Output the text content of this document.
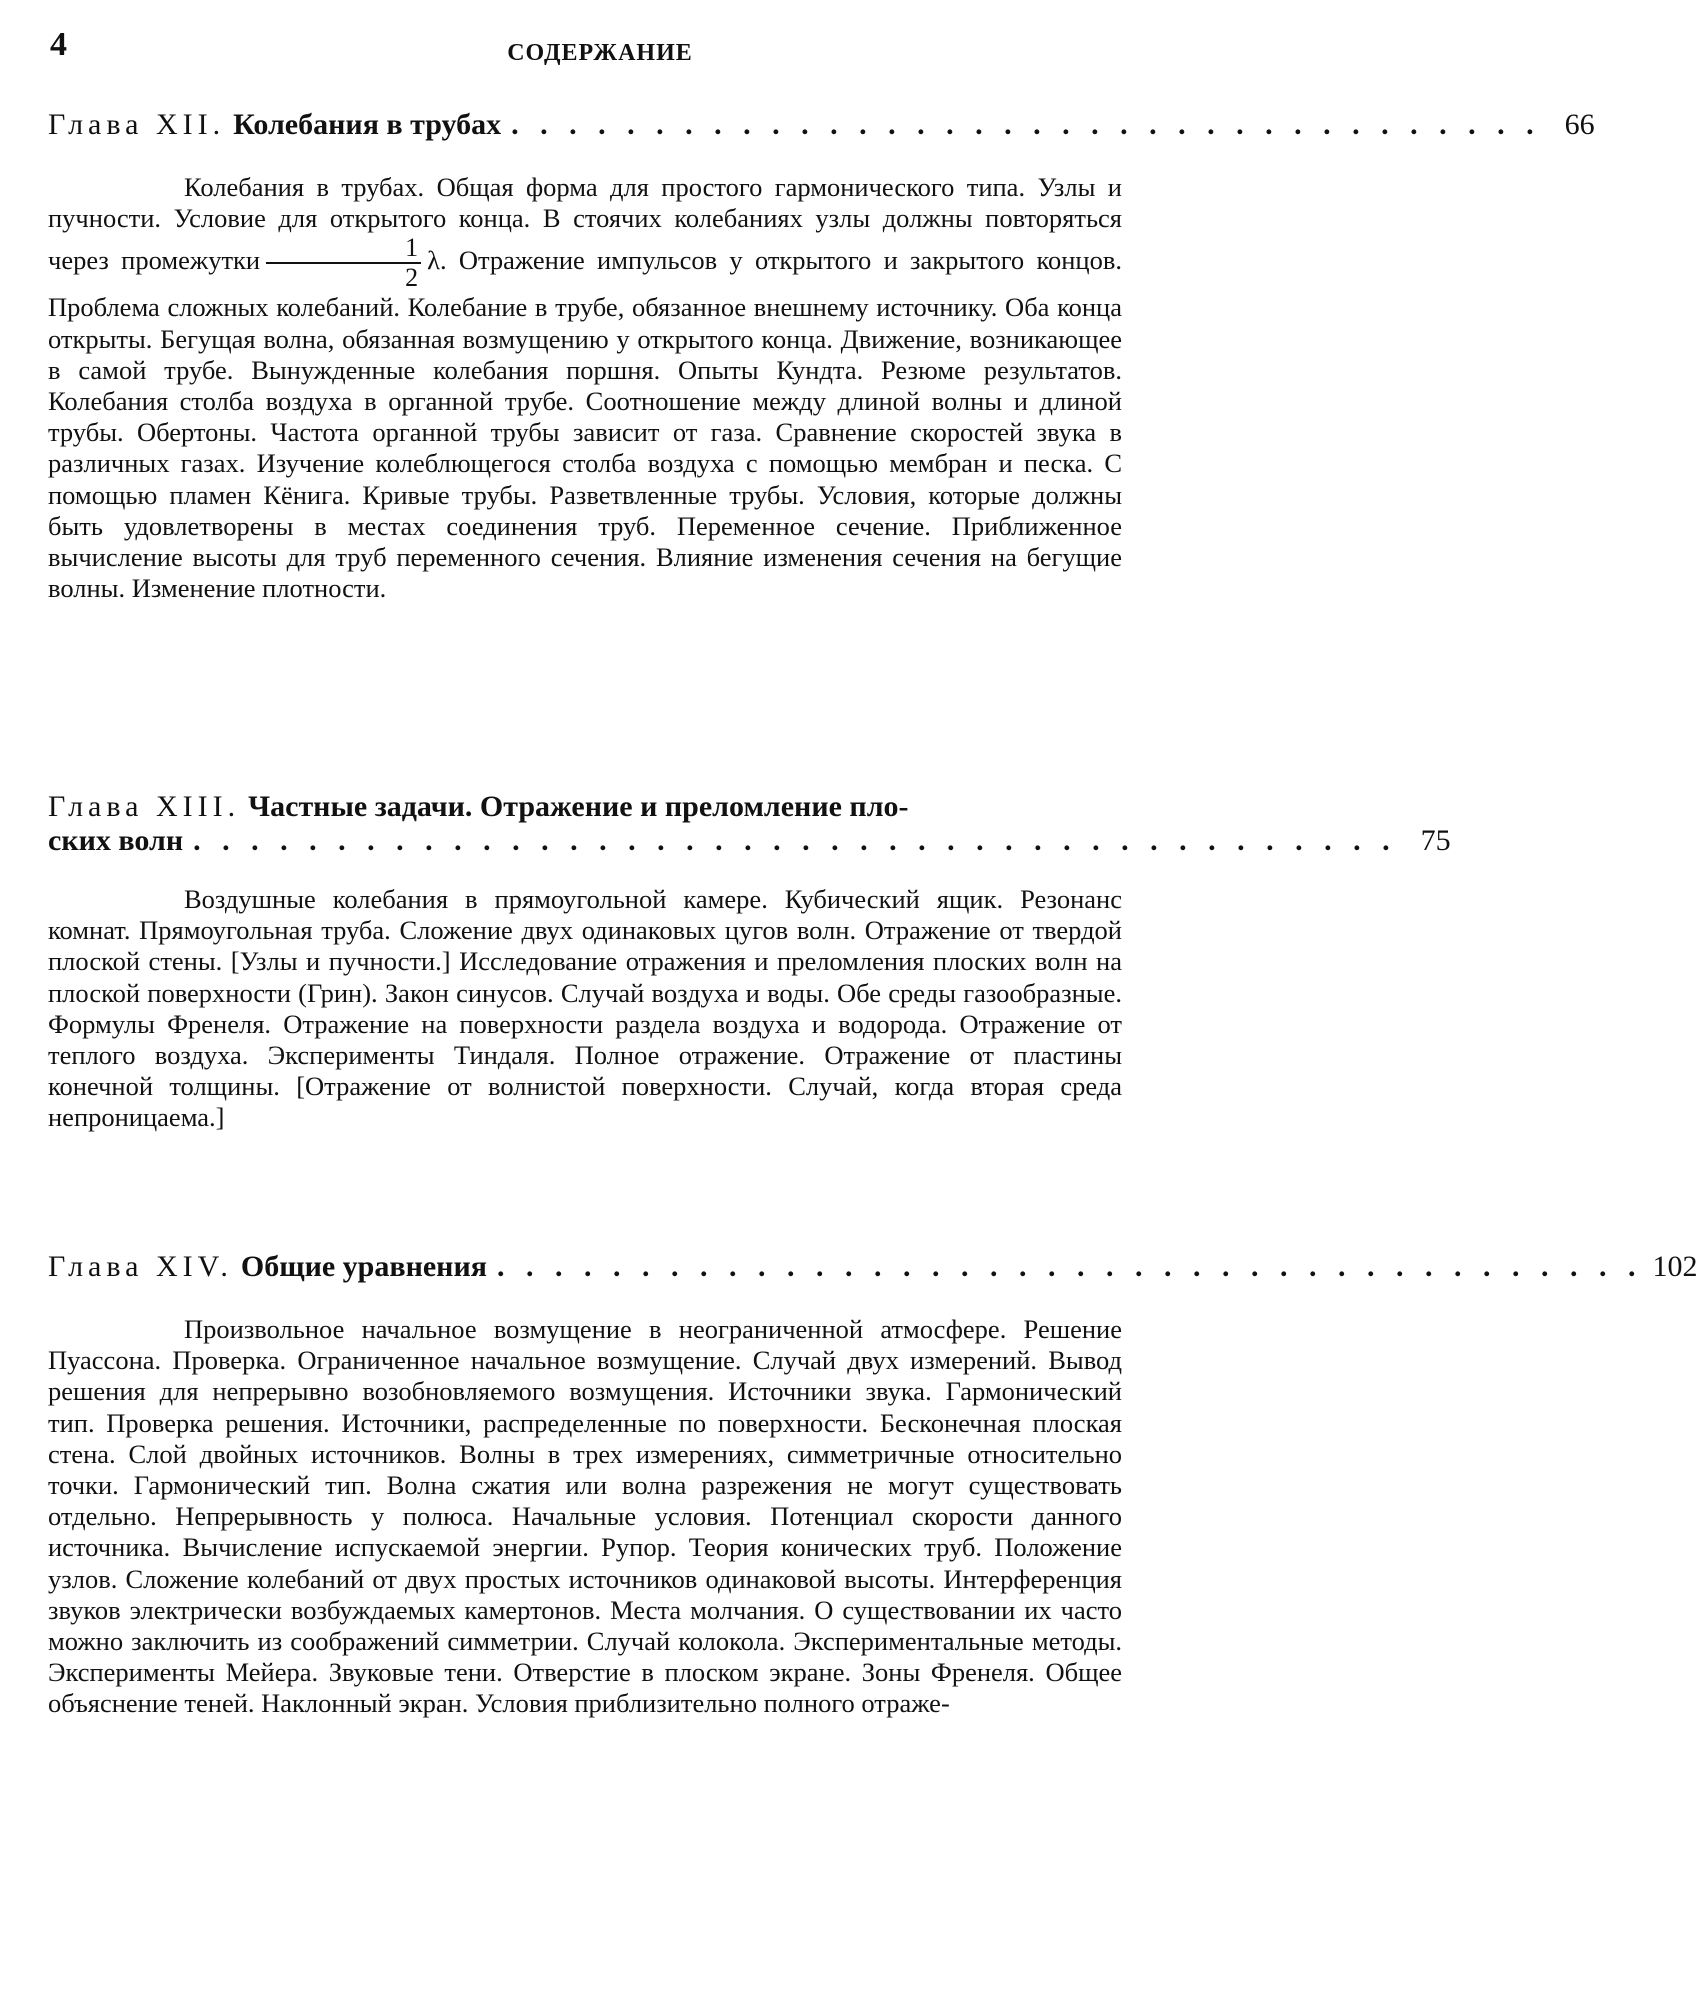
4	СОДЕРЖАНИЕ
Глава XII. Колебания в трубах . . . . . . . . . . . . . . . . . . . . . . . . . . . . . . . . . . . . 66

Колебания в трубах. Общая форма для простого гармонического типа. Узлы и пучности. Условие для открытого конца. В стоячих колебаниях узлы должны повторяться через промежутки $\frac{1}{2} \lambda$. Отражение импульсов у открытого и закрытого концов. Проблема сложных колебаний. Колебание в трубе, обязанное внешнему источнику. Оба конца открыты. Бегущая волна, обязанная возмущению у открытого конца. Движение, возникающее в самой трубе. Вынужденные колебания поршня. Опыты Кундта. Резюме результатов. Колебания столба воздуха в органной трубе. Соотношение между длиной волны и длиной трубы. Обертоны. Частота органной трубы зависит от газа. Сравнение скоростей звука в различных газах. Изучение колеблющегося столба воздуха с помощью мембран и песка. С помощью пламен Кёнига. Кривые трубы. Разветвленные трубы. Условия, которые должны быть удовлетворены в местах соединения труб. Переменное сечение. Приближенное вычисление высоты для труб переменного сечения. Влияние изменения сечения на бегущие волны. Изменение плотности.

Глава XIII. Частные задачи. Отражение и преломление пло-
ских волн . . . . . . . . . . . . . . . . . . . . . . . . . . . . . . . . . . . . . . . . . . 75

Воздушные колебания в прямоугольной камере. Кубический ящик. Резонанс комнат. Прямоугольная труба. Сложение двух одинаковых цугов волн. Отражение от твердой плоской стены. [Узлы и пучности.] Исследование отражения и преломления плоских волн на плоской поверхности (Грин). Закон синусов. Случай воздуха и воды. Обе среды газообразные. Формулы Френеля. Отражение на поверхности раздела воздуха и водорода. Отражение от теплого воздуха. Эксперименты Тиндаля. Полное отражение. Отражение от пластины конечной толщины. [Отражение от волнистой поверхности. Случай, когда вторая среда непроницаема.]

Глава XIV. Общие уравнения . . . . . . . . . . . . . . . . . . . . . . . . . . . . . . . . . . . . . . . . 102

Произвольное начальное возмущение в неограниченной атмосфере. Решение Пуассона. Проверка. Ограниченное начальное возмущение. Случай двух измерений. Вывод решения для непрерывно возобновляемого возмущения. Источники звука. Гармонический тип. Проверка решения. Источники, распределенные по поверхности. Бесконечная плоская стена. Слой двойных источников. Волны в трех измерениях, симметричные относительно точки. Гармонический тип. Волна сжатия или волна разрежения не могут существовать отдельно. Непрерывность у полюса. Начальные условия. Потенциал скорости данного источника. Вычисление испускаемой энергии. Рупор. Теория конических труб. Положение узлов. Сложение колебаний от двух простых источников одинаковой высоты. Интерференция звуков электрически возбуждаемых камертонов. Места молчания. О существовании их часто можно заключить из соображений симметрии. Случай колокола. Экспериментальные методы. Эксперименты Мейера. Звуковые тени. Отверстие в плоском экране. Зоны Френеля. Общее объяснение теней. Наклонный экран. Условия приблизительно полного отраже-
